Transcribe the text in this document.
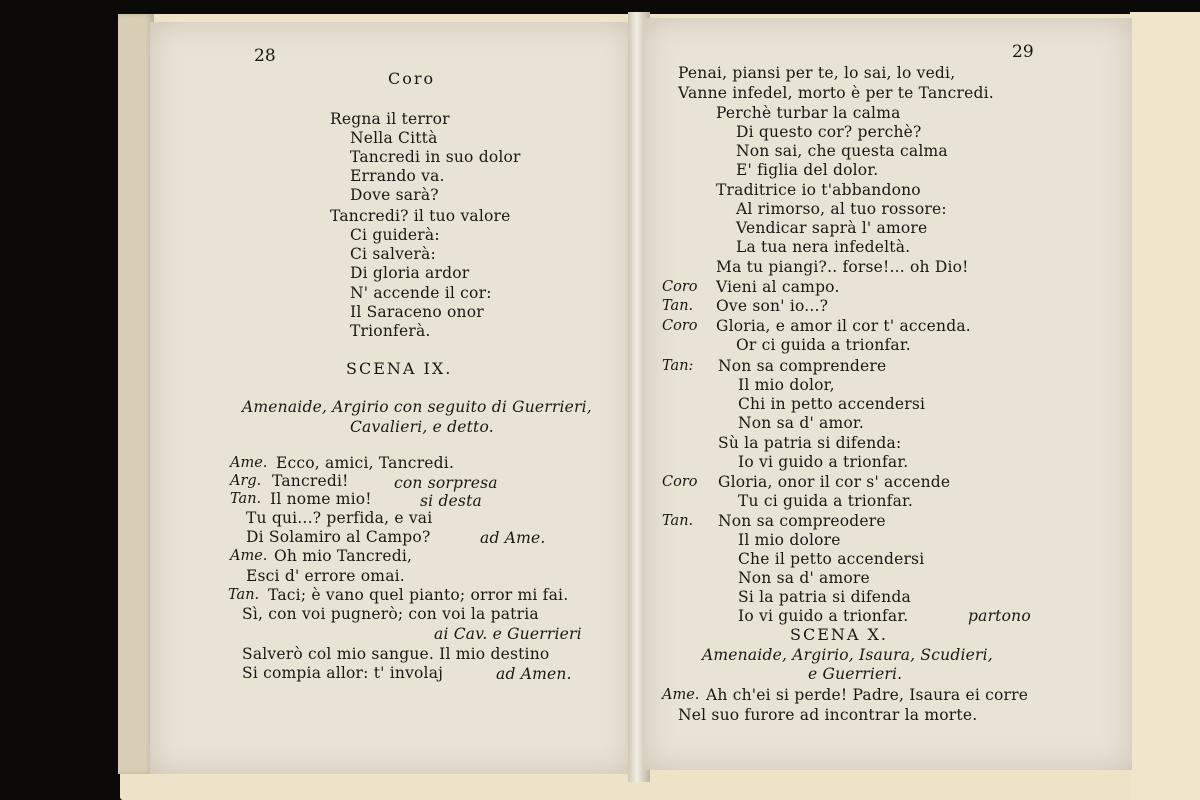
28
Coro
Regna il terror
Nella Città
Tancredi in suo dolor
Errando va.
Dove sarà?
Tancredi? il tuo valore
Ci guiderà:
Ci salverà:
Di gloria ardor
N' accende il cor:
Il Saraceno onor
Trionferà.
SCENA IX.
Amenaide, Argirio con seguito di Guerrieri,
Cavalieri, e detto.
Ame. Ecco, amici, Tancredi.
Arg. Tancredi!	con sorpresa
Tan. Il nome mio!	si desta
Tu qui...? perfida, e vai
Di Solamiro al Campo?	ad Ame.
Ame. Oh mio Tancredi,
Esci d' errore omai.
Tan. Taci; è vano quel pianto; orror mi fai.
Sì, con voi pugnerò; con voi la patria
ai Cav. e Guerrieri
Salverò col mio sangue. Il mio destino
Si compia allor: t' involaj	ad Amen.
29
Penai, piansi per te, lo sai, lo vedi,
Vanne infedel, morto è per te Tancredi.
Perchè turbar la calma
Di questo cor? perchè?
Non sai, che questa calma
E' figlia del dolor.
Traditrice io t'abbandono
Al rimorso, al tuo rossore:
Vendicar saprà l' amore
La tua nera infedeltà.
Ma tu piangi?.. forse!... oh Dio!
Coro Vieni al campo.
Tan. Ove son' io...?
Coro Gloria, e amor il cor t' accenda.
Or ci guida a trionfar.
Tan: Non sa comprendere
Il mio dolor,
Chi in petto accendersi
Non sa d' amor.
Sù la patria si difenda:
Io vi guido a trionfar.
Coro Gloria, onor il cor s' accende
Tu ci guida a trionfar.
Tan. Non sa compreodere
Il mio dolore
Che il petto accendersi
Non sa d' amore
Si la patria si difenda
Io vi guido a trionfar.	partono
SCENA X.
Amenaide, Argirio, Isaura, Scudieri,
e Guerrieri.
Ame. Ah ch'ei si perde! Padre, Isaura ei corre
Nel suo furore ad incontrar la morte.
